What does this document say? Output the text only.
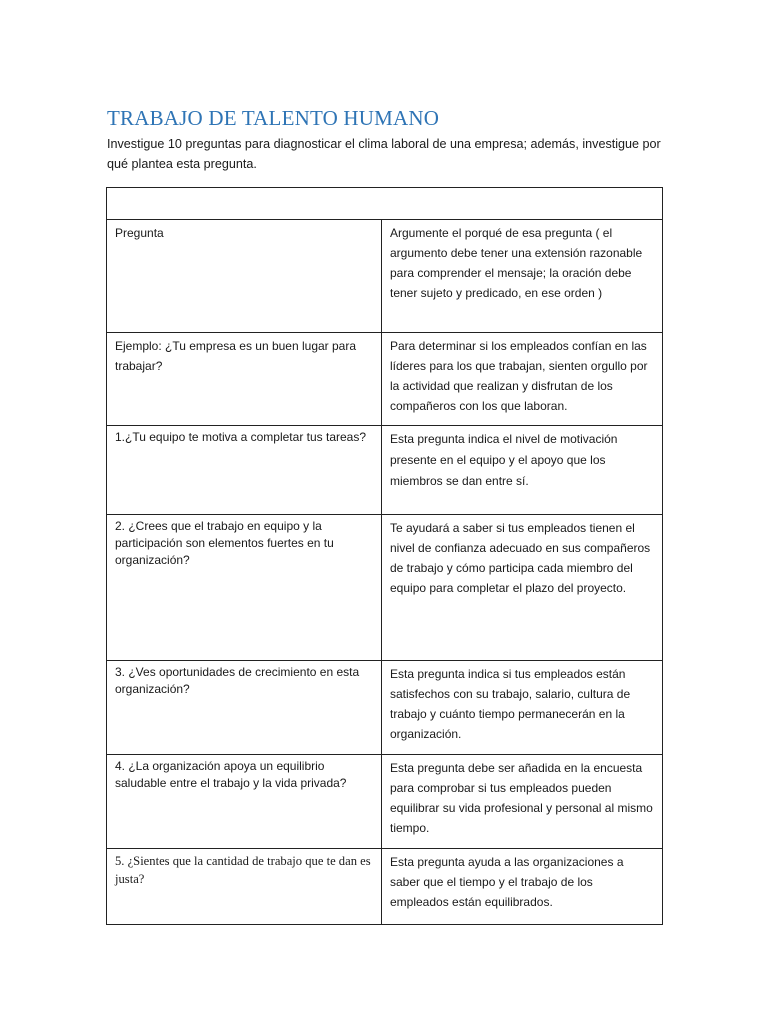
TRABAJO DE TALENTO HUMANO
Investigue 10 preguntas para diagnosticar el clima laboral de una empresa; además, investigue por qué plantea esta pregunta.

Pregunta	Argumente el porqué de esa pregunta ( el argumento debe tener una extensión razonable para comprender el mensaje; la oración debe tener sujeto y predicado, en ese orden )

Ejemplo: ¿Tu empresa es un buen lugar para trabajar?	Para determinar si los empleados confían en las líderes para los que trabajan, sienten orgullo por la actividad que realizan y disfrutan de los compañeros con los que laboran.

1.¿Tu equipo te motiva a completar tus tareas?	Esta pregunta indica el nivel de motivación presente en el equipo y el apoyo que los miembros se dan entre sí.

2. ¿Crees que el trabajo en equipo y la participación son elementos fuertes en tu organización?	Te ayudará a saber si tus empleados tienen el nivel de confianza adecuado en sus compañeros de trabajo y cómo participa cada miembro del equipo para completar el plazo del proyecto.

3. ¿Ves oportunidades de crecimiento en esta organización?	Esta pregunta indica si tus empleados están satisfechos con su trabajo, salario, cultura de trabajo y cuánto tiempo permanecerán en la organización.

4. ¿La organización apoya un equilibrio saludable entre el trabajo y la vida privada?	Esta pregunta debe ser añadida en la encuesta para comprobar si tus empleados pueden equilibrar su vida profesional y personal al mismo tiempo.

5. ¿Sientes que la cantidad de trabajo que te dan es justa?	Esta pregunta ayuda a las organizaciones a saber que el tiempo y el trabajo de los empleados están equilibrados.
